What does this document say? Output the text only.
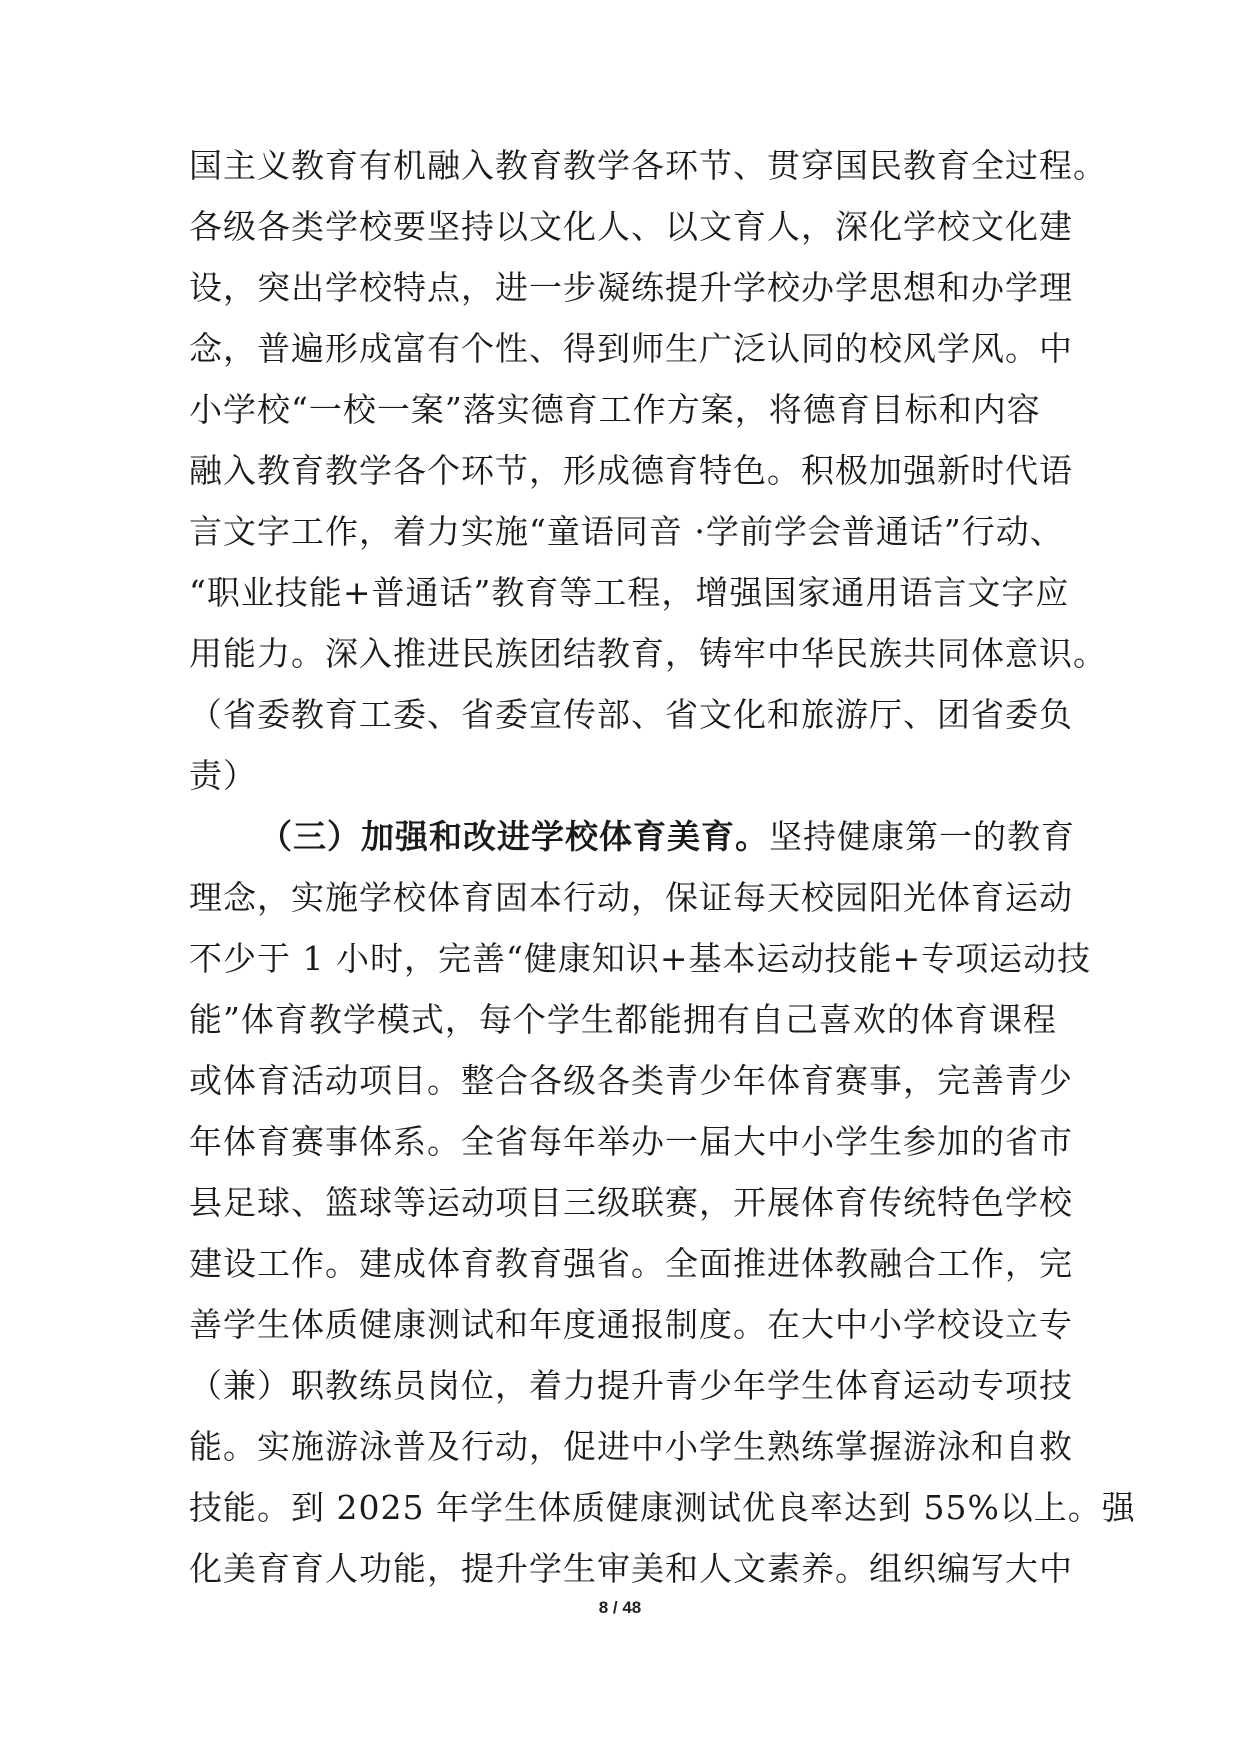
国主义教育有机融入教育教学各环节、贯穿国民教育全过程。
各级各类学校要坚持以文化人、以文育人，深化学校文化建
设，突出学校特点，进一步凝练提升学校办学思想和办学理
念，普遍形成富有个性、得到师生广泛认同的校风学风。中
小学校“一校一案”落实德育工作方案，将德育目标和内容
融入教育教学各个环节，形成德育特色。积极加强新时代语
言文字工作，着力实施“童语同音 ·学前学会普通话”行动、
“职业技能+普通话”教育等工程，增强国家通用语言文字应
用能力。深入推进民族团结教育，铸牢中华民族共同体意识。
（省委教育工委、省委宣传部、省文化和旅游厅、团省委负
责）
（三）加强和改进学校体育美育。坚持健康第一的教育
理念，实施学校体育固本行动，保证每天校园阳光体育运动
不少于 1 小时，完善“健康知识+基本运动技能+专项运动技
能”体育教学模式，每个学生都能拥有自己喜欢的体育课程
或体育活动项目。整合各级各类青少年体育赛事，完善青少
年体育赛事体系。全省每年举办一届大中小学生参加的省市
县足球、篮球等运动项目三级联赛，开展体育传统特色学校
建设工作。建成体育教育强省。全面推进体教融合工作，完
善学生体质健康测试和年度通报制度。在大中小学校设立专
（兼）职教练员岗位，着力提升青少年学生体育运动专项技
能。实施游泳普及行动，促进中小学生熟练掌握游泳和自救
技能。到 2025 年学生体质健康测试优良率达到 55%以上。强
化美育育人功能，提升学生审美和人文素养。组织编写大中
8 / 48
